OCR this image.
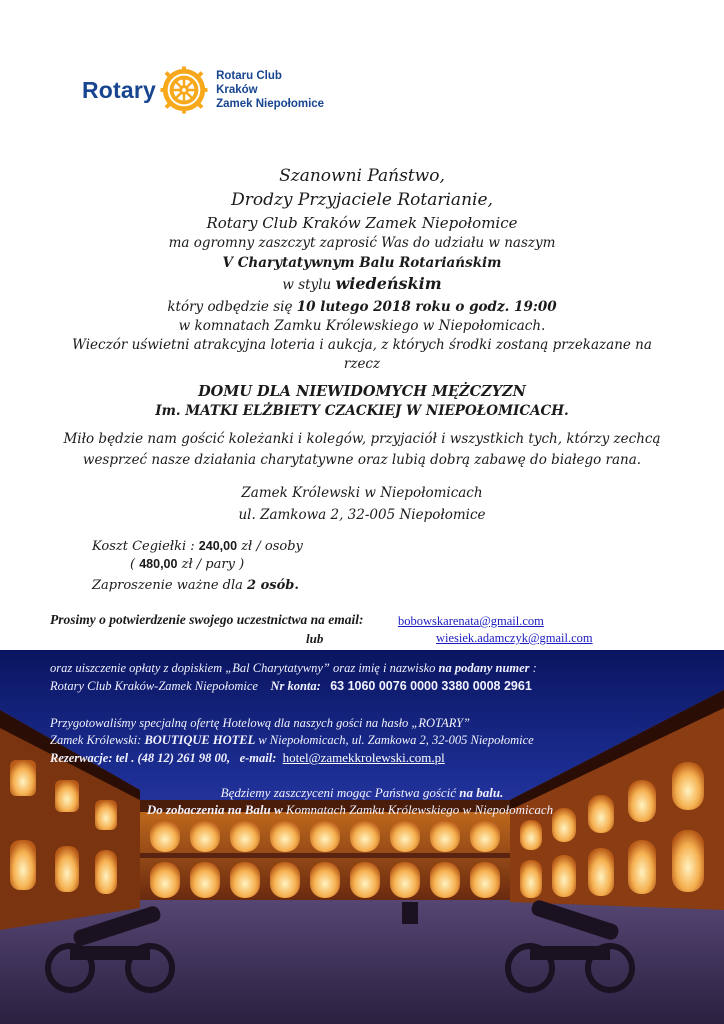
Rotary
Rotaru Club
Kraków
Zamek Niepołomice
Szanowni Państwo,
Drodzy Przyjaciele Rotarianie,
Rotary Club Kraków Zamek Niepołomice
ma ogromny zaszczyt zaprosić Was do udziału w naszym
V Charytatywnym Balu Rotariańskim
w stylu wiedeńskim
który odbędzie się 10 lutego 2018 roku o godz. 19:00
w komnatach Zamku Królewskiego w Niepołomicach.
Wieczór uświetni atrakcyjna loteria i aukcja, z których środki zostaną przekazane na
rzecz
DOMU DLA NIEWIDOMYCH MĘŻCZYZN
Im. MATKI ELŻBIETY CZACKIEJ W NIEPOŁOMICACH.
Miło będzie nam gościć koleżanki i kolegów, przyjaciół i wszystkich tych, którzy zechcą
wesprzeć nasze działania charytatywne oraz lubią dobrą zabawę do białego rana.
Zamek Królewski w Niepołomicach
ul. Zamkowa 2, 32-005 Niepołomice
Koszt Cegiełki : 240,00 zł / osoby
( 480,00 zł / pary )
Zaproszenie ważne dla 2 osób.
Prosimy o potwierdzenie swojego uczestnictwa na email:	bobowskarenata@gmail.com
lub	wiesiek.adamczyk@gmail.com
oraz uiszczenie opłaty z dopiskiem „Bal Charytatywny” oraz imię i nazwisko na podany numer :
Rotary Club Kraków-Zamek Niepołomice Nr konta: 63 1060 0076 0000 3380 0008 2961
Przygotowaliśmy specjalną ofertę Hotelową dla naszych gości na hasło „ROTARY”
Zamek Królewski: BOUTIQUE HOTEL w Niepołomicach, ul. Zamkowa 2, 32-005 Niepołomice
Rezerwacje: tel . (48 12) 261 98 00, e-mail: hotel@zamekkrolewski.com.pl
Będziemy zaszczyceni mogąc Państwa gościć na balu.
Do zobaczenia na Balu w Komnatach Zamku Królewskiego w Niepołomicach
